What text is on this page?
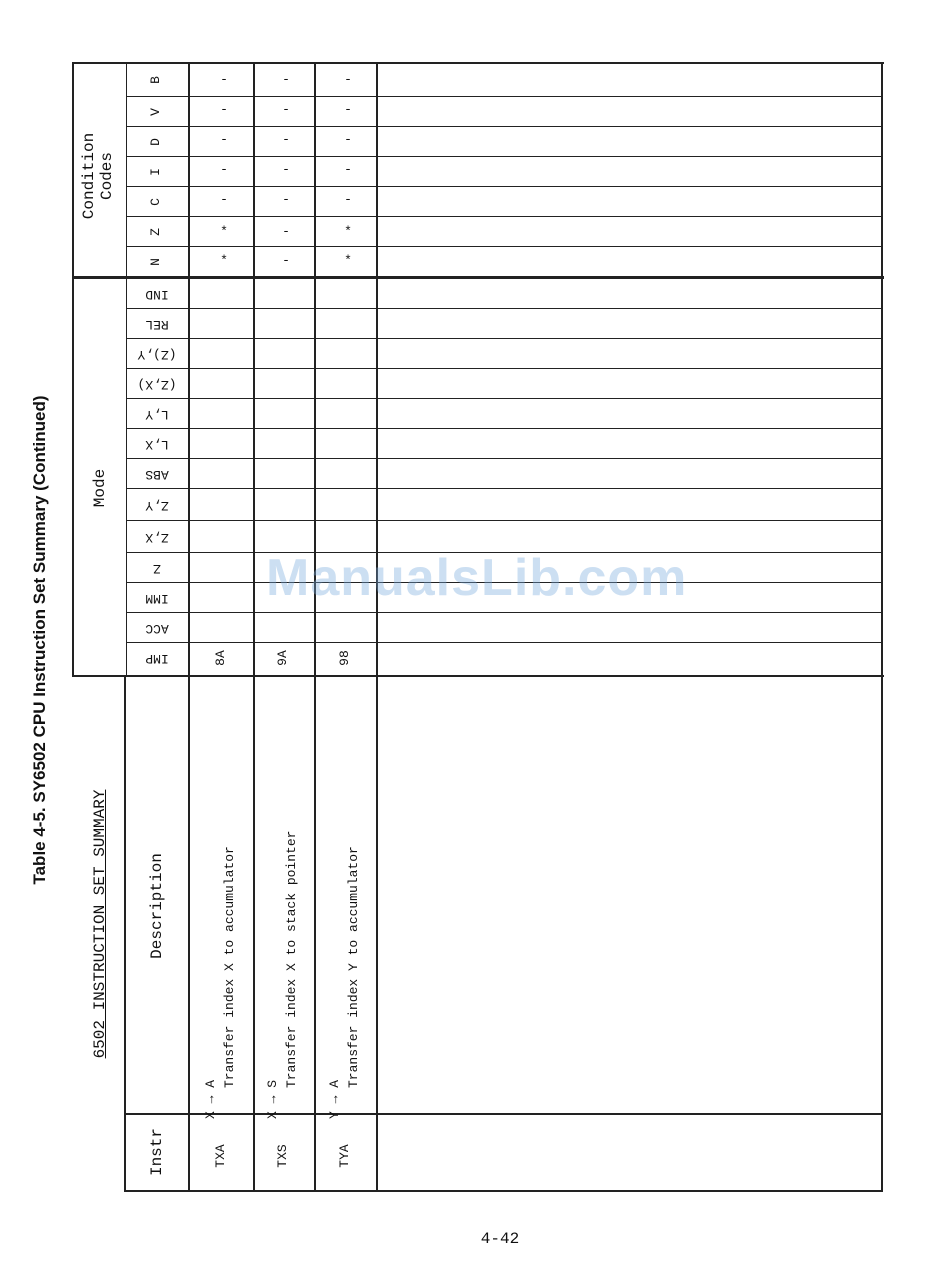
Table 4-5. SY6502 CPU Instruction Set Summary (Continued)
6502 INSTRUCTION SET SUMMARY
Condition Codes
Mode
Description
Instr
N
Z
C
I
D
V
B
IMP
ACC
IMM
Z
Z,X
Z,Y
ABS
L,X
L,Y
(Z,X)
(Z),Y
REL
IND
TXA
X → A
Transfer index X to accumulator
8A
*
*
-
-
-
-
-
TXS
X → S
Transfer index X to stack pointer
9A
-
-
-
-
-
-
-
TYA
Y → A
Transfer index Y to accumulator
98
*
*
-
-
-
-
-
ManualsLib.com
4-42
